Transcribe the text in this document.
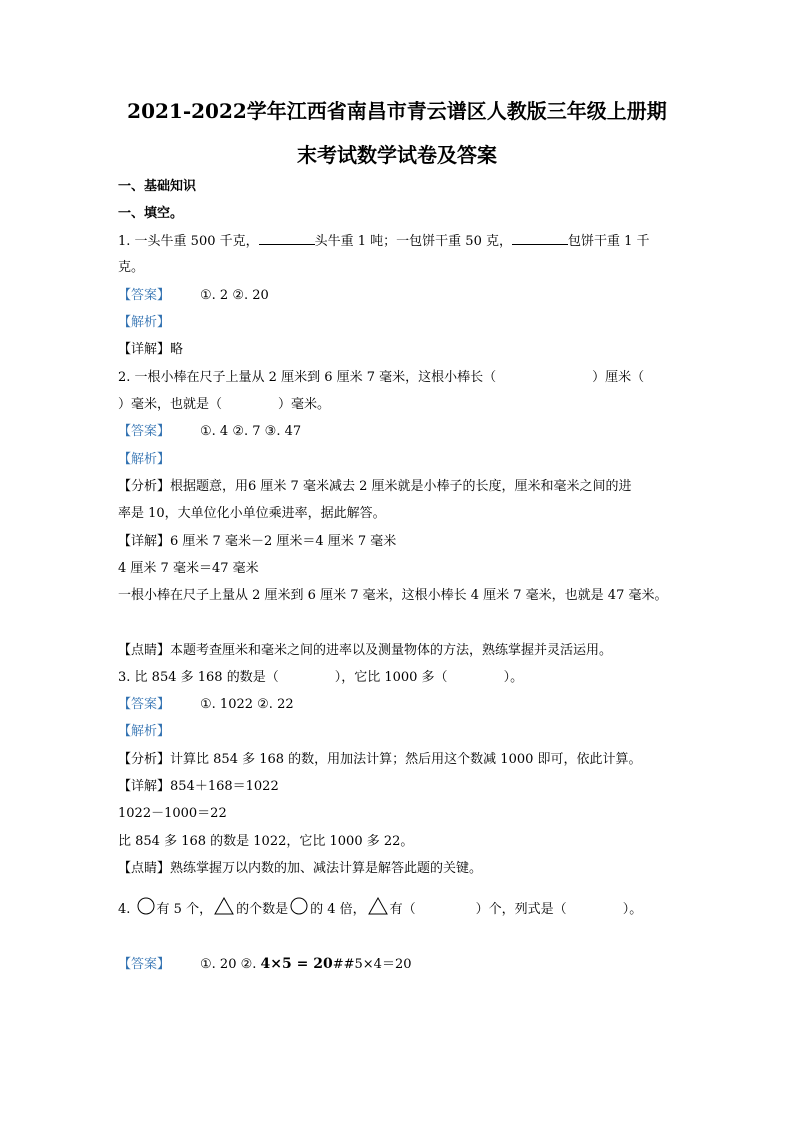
2021-2022学年江西省南昌市青云谱区人教版三年级上册期
末考试数学试卷及答案
一、基础知识
一、填空。
1. 一头牛重 500 千克，	头牛重 1 吨；一包饼干重 50 克，	包饼干重 1 千
克。
【答案】 ①. 2 ②. 20
【解析】
【详解】略
2. 一根小棒在尺子上量从 2 厘米到 6 厘米 7 毫米，这根小棒长（	）厘米（
）毫米，也就是（	）毫米。
【答案】 ①. 4 ②. 7 ③. 47
【解析】
【分析】根据题意，用6 厘米 7 毫米减去 2 厘米就是小棒子的长度，厘米和毫米之间的进
率是 10，大单位化小单位乘进率，据此解答。
【详解】6 厘米 7 毫米－2 厘米＝4 厘米 7 毫米
4 厘米 7 毫米＝47 毫米
一根小棒在尺子上量从 2 厘米到 6 厘米 7 毫米，这根小棒长 4 厘米 7 毫米，也就是 47 毫米。
【点睛】本题考查厘米和毫米之间的进率以及测量物体的方法，熟练掌握并灵活运用。
3. 比 854 多 168 的数是（	），它比 1000 多（	）。
【答案】 ①. 1022 ②. 22
【解析】
【分析】计算比 854 多 168 的数，用加法计算；然后用这个数减 1000 即可，依此计算。
【详解】854＋168＝1022
1022－1000＝22
比 854 多 168 的数是 1022，它比 1000 多 22。
【点睛】熟练掌握万以内数的加、减法计算是解答此题的关键。
4. 有 5 个， 的个数是 的 4 倍， 有（	）个，列式是（	）。
【答案】 ①. 20 ②. 4×5 = 20##5×4＝20
